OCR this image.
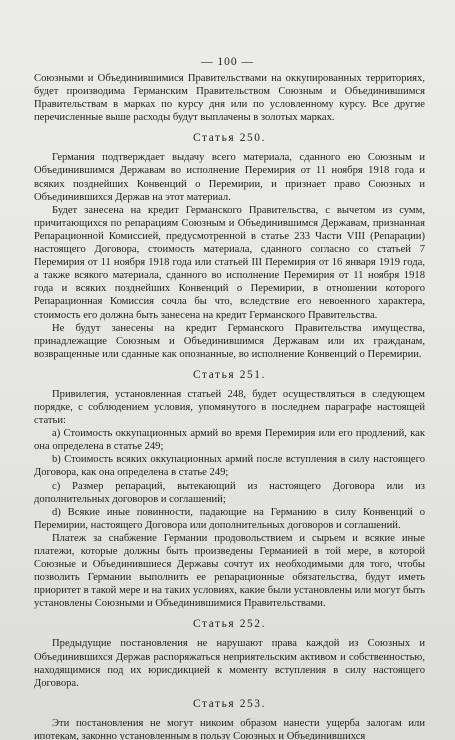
— 100 —

Союзными и Объединившимися Правительствами на оккупированных территориях, будет производима Германским Правительством Союзным и Объединившимся Правительствам в марках по курсу дня или по условленному курсу. Все другие перечисленные выше расходы будут выплачены в золотых марках.

Статья 250.

Германия подтверждает выдачу всего материала, сданного ею Союзным и Объединившимся Державам во исполнение Перемирия от 11 ноября 1918 года и всяких позднейших Конвенций о Перемирии, и признает право Союзных и Объединившихся Держав на этот материал.

Будет занесена на кредит Германского Правительства, с вычетом из сумм, причитающихся по репарациям Союзным и Объединившимся Державам, признанная Репарационной Комиссией, предусмотренной в статье 233 Части VIII (Репарации) настоящего Договора, стоимость материала, сданного согласно со статьей 7 Перемирия от 11 ноября 1918 года или статьей III Перемирия от 16 января 1919 года, а также всякого материала, сданного во исполнение Перемирия от 11 ноября 1918 года и всяких позднейших Конвенций о Перемирии, в отношении которого Репарационная Комиссия сочла бы что, вследствие его невоенного характера, стоимость его должна быть занесена на кредит Германского Правительства.

Не будут занесены на кредит Германского Правительства имущества, принадлежащие Союзным и Объединившимся Державам или их гражданам, возвращенные или сданные как опознанные, во исполнение Конвенций о Перемирии.

Статья 251.

Привилегия, установленная статьей 248, будет осуществляться в следующем порядке, с соблюдением условия, упомянутого в последнем параграфе настоящей статьи:

a) Стоимость оккупационных армий во время Перемирия или его продлений, как она определена в статье 249;

b) Стоимость всяких оккупационных армий после вступления в силу настоящего Договора, как она определена в статье 249;

c) Размер репараций, вытекающий из настоящего Договора или из дополнительных договоров и соглашений;

d) Всякие иные повинности, падающие на Германию в силу Конвенций о Перемирии, настоящего Договора или дополнительных договоров и соглашений.

Платеж за снабжение Германии продовольствием и сырьем и всякие иные платежи, которые должны быть произведены Германией в той мере, в которой Союзные и Объединившиеся Державы сочтут их необходимыми для того, чтобы позволить Германии выполнить ее репарационные обязательства, будут иметь приоритет в такой мере и на таких условиях, какие были установлены или могут быть установлены Союзными и Объединившимися Правительствами.

Статья 252.

Предыдущие постановления не нарушают права каждой из Союзных и Объединившихся Держав распоряжаться неприятельским активом и собственностью, находящимися под их юрисдикцией к моменту вступления в силу настоящего Договора.

Статья 253.

Эти постановления не могут никоим образом нанести ущерба залогам или ипотекам, законно установленным в пользу Союзных и Объединившихся
